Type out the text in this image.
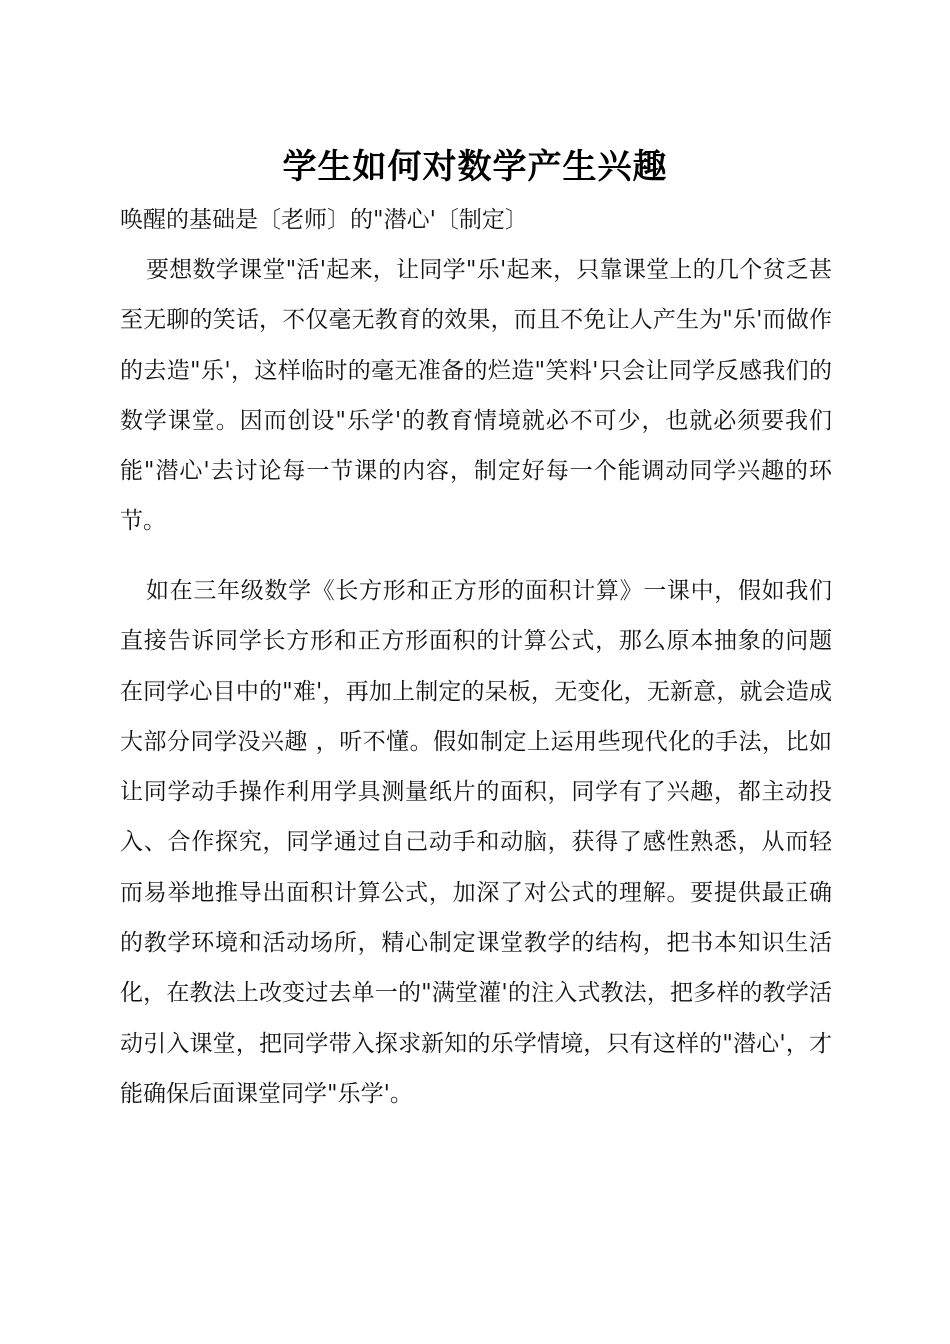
学生如何对数学产生兴趣
唤醒的基础是〔老师〕的"潜心'〔制定〕

要想数学课堂"活'起来，让同学"乐'起来，只靠课堂上的几个贫乏甚至无聊的笑话，不仅毫无教育的效果，而且不免让人产生为"乐'而做作的去造"乐'，这样临时的毫无准备的烂造"笑料'只会让同学反感我们的数学课堂。因而创设"乐学'的教育情境就必不可少，也就必须要我们能"潜心'去讨论每一节课的内容，制定好每一个能调动同学兴趣的环节。

如在三年级数学《长方形和正方形的面积计算》一课中，假如我们直接告诉同学长方形和正方形面积的计算公式，那么原本抽象的问题在同学心目中的"难'，再加上制定的呆板，无变化，无新意，就会造成大部分同学没兴趣 ，听不懂。假如制定上运用些现代化的手法，比如让同学动手操作利用学具测量纸片的面积，同学有了兴趣，都主动投入、合作探究，同学通过自己动手和动脑，获得了感性熟悉，从而轻而易举地推导出面积计算公式，加深了对公式的理解。要提供最正确的教学环境和活动场所，精心制定课堂教学的结构，把书本知识生活化，在教法上改变过去单一的"满堂灌'的注入式教法，把多样的教学活动引入课堂，把同学带入探求新知的乐学情境，只有这样的"潜心'，才能确保后面课堂同学"乐学'。
